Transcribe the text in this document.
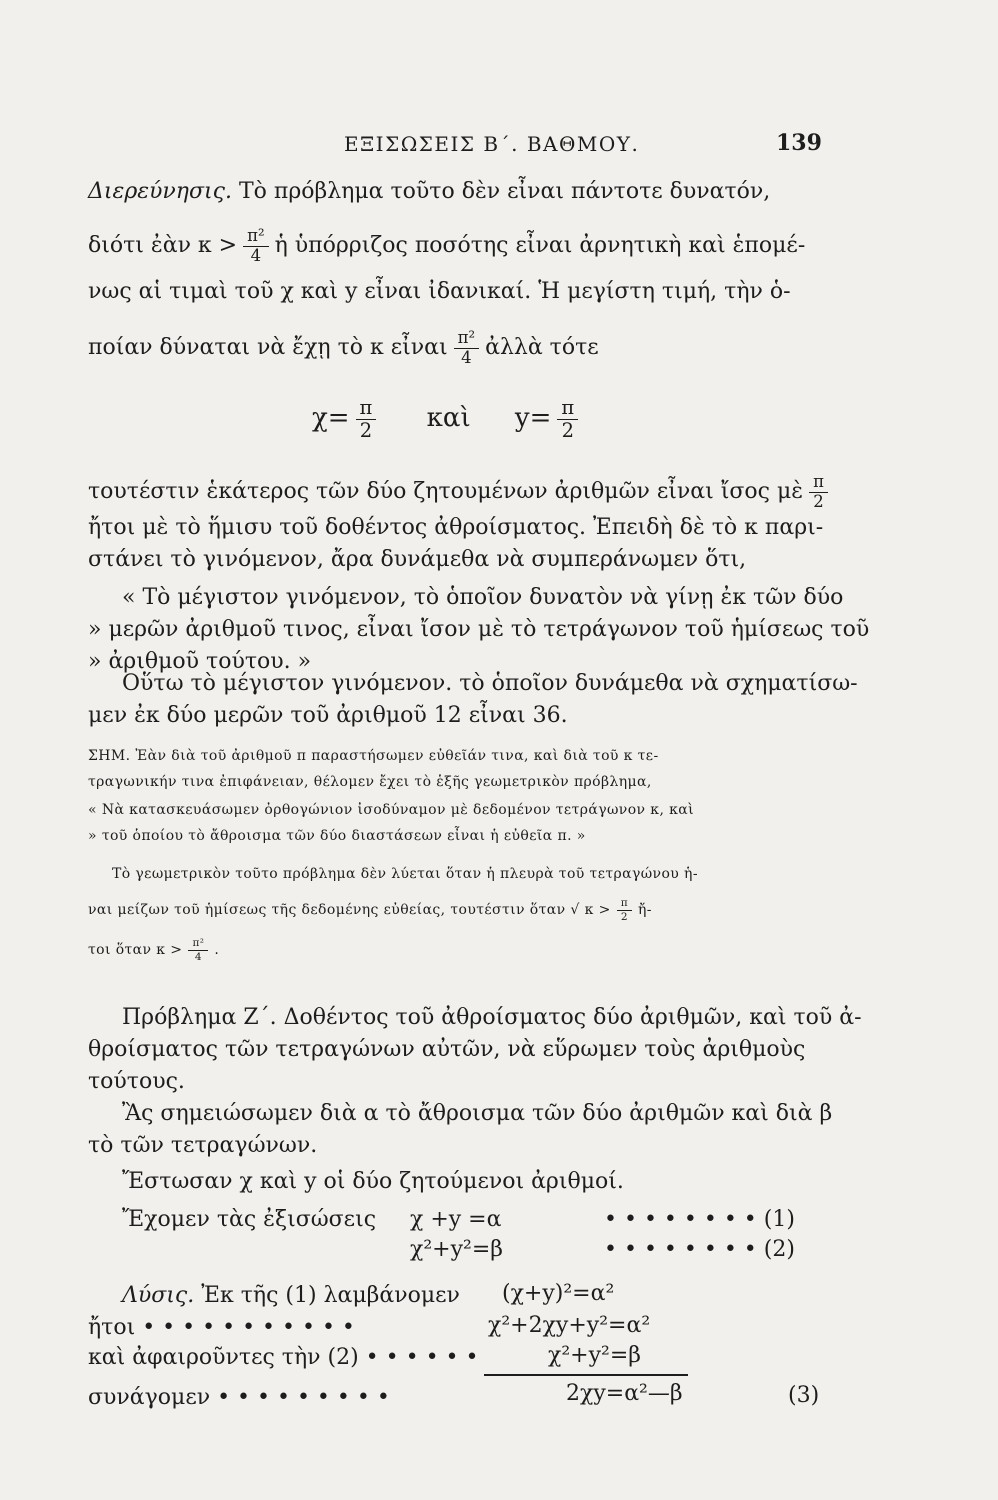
ΕΞΙΣΩΣΕΙΣ Β΄. ΒΑΘΜΟΥ.	139
Διερεύνησις. Τὸ πρόβλημα τοῦτο δὲν εἶναι πάντοτε δυνατόν,
διότι ἐὰν $\kappa > \frac{\text{π²}}{4}$ ἡ ὑπόρριζος ποσότης εἶναι ἀρνητικὴ καὶ ἑπομέ-
νως αἱ τιμαὶ τοῦ χ καὶ y εἶναι ἰδανικαί. Ἡ μεγίστη τιμή, τὴν ὁ-
ποίαν δύναται νὰ ἔχῃ τὸ κ εἶναι $\frac{\text{π²}}{4}$ ἀλλὰ τότε
$\chi= \frac{\pi}{2}$ καὶ $y= \frac{\pi}{2}$
τουτέστιν ἑκάτερος τῶν δύο ζητουμένων ἀριθμῶν εἶναι ἴσος μὲ $\frac{\pi}{2}$
ἤτοι μὲ τὸ ἥμισυ τοῦ δοθέντος ἀθροίσματος. Ἐπειδὴ δὲ τὸ κ παρι-
στάνει τὸ γινόμενον, ἄρα δυνάμεθα νὰ συμπεράνωμεν ὅτι,
« Τὸ μέγιστον γινόμενον, τὸ ὁποῖον δυνατὸν νὰ γίνῃ ἐκ τῶν δύο
» μερῶν ἀριθμοῦ τινος, εἶναι ἴσον μὲ τὸ τετράγωνον τοῦ ἡμίσεως τοῦ
» ἀριθμοῦ τούτου. »
Οὕτω τὸ μέγιστον γινόμενον. τὸ ὁποῖον δυνάμεθα νὰ σχηματίσω-
μεν ἐκ δύο μερῶν τοῦ ἀριθμοῦ 12 εἶναι 36.
ΣΗΜ. Ἐὰν διὰ τοῦ ἀριθμοῦ π παραστήσωμεν εὐθεῖάν τινα, καὶ διὰ τοῦ κ τε-
τραγωνικήν τινα ἐπιφάνειαν, θέλομεν ἔχει τὸ ἑξῆς γεωμετρικὸν πρόβλημα,
« Νὰ κατασκευάσωμεν ὀρθογώνιον ἰσοδύναμον μὲ δεδομένον τετράγωνον κ, καὶ
» τοῦ ὁποίου τὸ ἄθροισμα τῶν δύο διαστάσεων εἶναι ἡ εὐθεῖα π. »
Τὸ γεωμετρικὸν τοῦτο πρόβλημα δὲν λύεται ὅταν ἡ πλευρὰ τοῦ τετραγώνου ἡ-
ναι μείζων τοῦ ἡμίσεως τῆς δεδομένης εὐθείας, τουτέστιν ὅταν √ $\kappa > \frac{\pi}{2}$ ἤ-
τοι ὅταν $\kappa > \frac{\text{π²}}{4}$ .
Πρόβλημα Ζ΄. Δοθέντος τοῦ ἀθροίσματος δύο ἀριθμῶν, καὶ τοῦ ἀ-
θροίσματος τῶν τετραγώνων αὐτῶν, νὰ εὕρωμεν τοὺς ἀριθμοὺς
τούτους.
Ἂς σημειώσωμεν διὰ α τὸ ἄθροισμα τῶν δύο ἀριθμῶν καὶ διὰ β
τὸ τῶν τετραγώνων.
Ἔστωσαν χ καὶ y οἱ δύο ζητούμενοι ἀριθμοί.
Ἔχομεν τὰς ἐξισώσεις χ +y =α	• • • • • • • • (1)
χ²+y²=β	• • • • • • • • (2)
Λύσις. Ἐκ τῆς (1) λαμβάνομεν (χ+y)²=α²
ἤτοι • • • • • • • • • • •	χ²+2χy+y²=α²
καὶ ἀφαιροῦντες τὴν (2) • • • • • •	χ²+y²=β
συνάγομεν • • • • • • • • •	2χy=α²—β	(3)
